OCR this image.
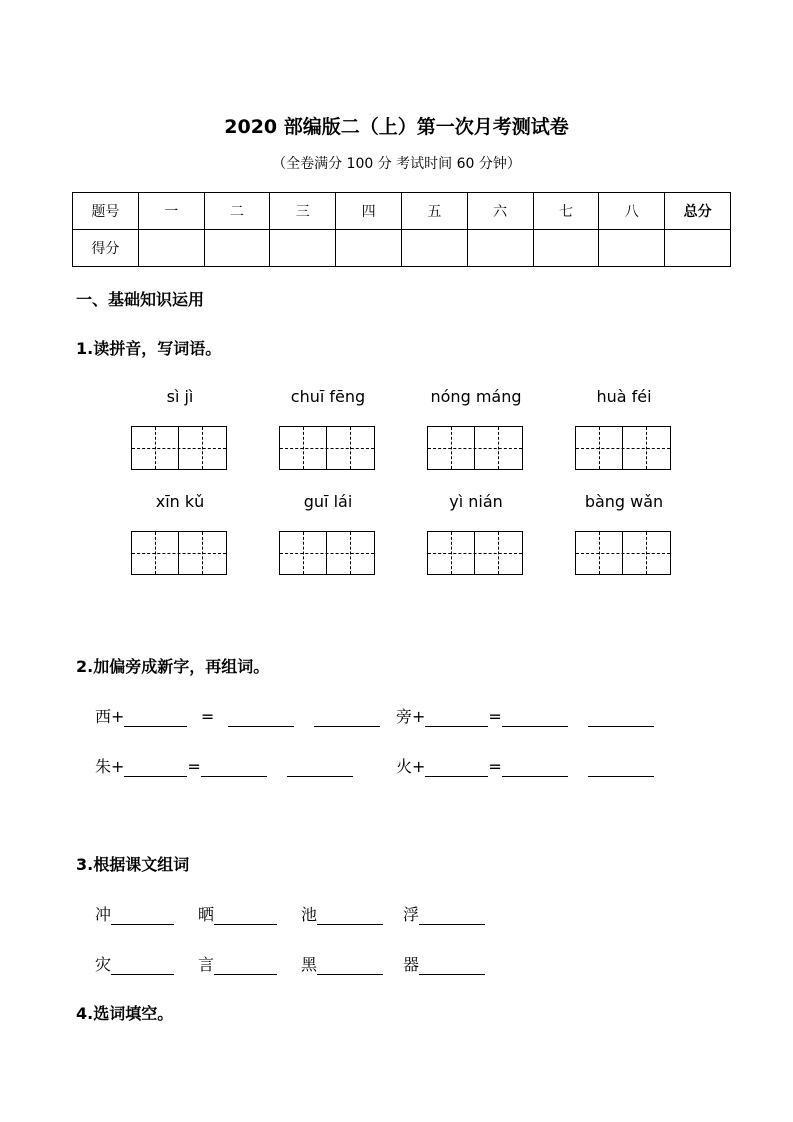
2020 部编版二（上）第一次月考测试卷
（全卷满分 100 分 考试时间 60 分钟）
题号	一	二	三	四	五	六	七	八	总分
得分									
一、基础知识运用
1.读拼音，写词语。
sì jì	chuī fēng	nóng máng	huà féi
xīn kǔ	guī lái	yì nián	bàng wǎn
2.加偏旁成新字，再组词。
西+	=	旁+	=
朱+	=	火+	=
3.根据课文组词
冲	晒	池	浮
灾	言	黑	器
4.选词填空。
